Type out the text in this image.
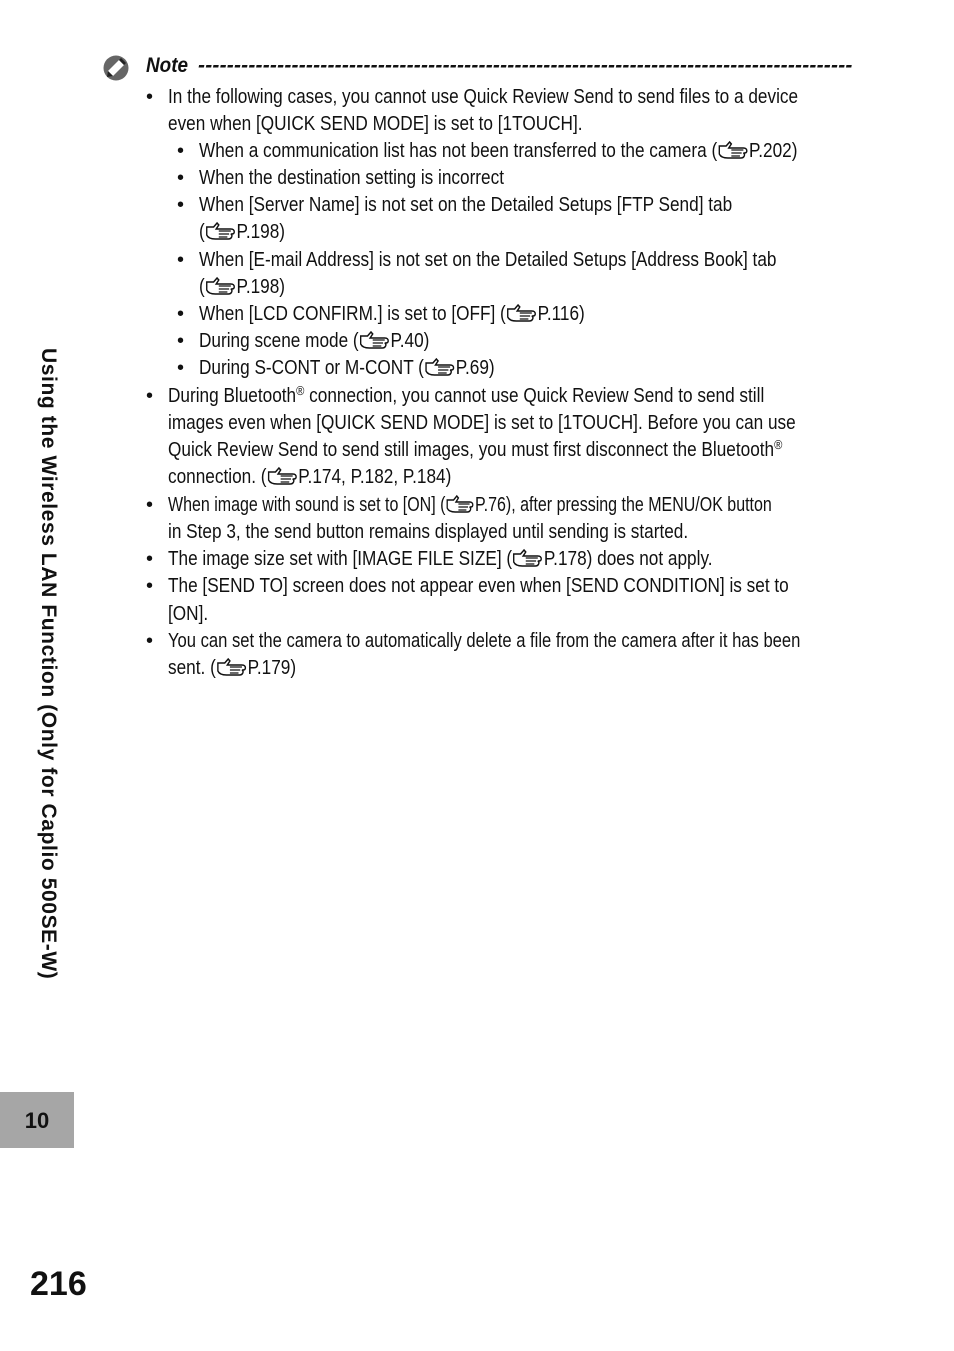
Note -------------------------------------------------------------------------------------------
• In the following cases, you cannot use Quick Review Send to send files to a device
even when [QUICK SEND MODE] is set to [1TOUCH].
• When a communication list has not been transferred to the camera ( P.202)
• When the destination setting is incorrect
• When [Server Name] is not set on the Detailed Setups [FTP Send] tab
( P.198)
• When [E-mail Address] is not set on the Detailed Setups [Address Book] tab
( P.198)
• When [LCD CONFIRM.] is set to [OFF] ( P.116)
• During scene mode ( P.40)
• During S-CONT or M-CONT ( P.69)
• During Bluetooth® connection, you cannot use Quick Review Send to send still
images even when [QUICK SEND MODE] is set to [1TOUCH]. Before you can use
Quick Review Send to send still images, you must first disconnect the Bluetooth®
connection. ( P.174, P.182, P.184)
• When image with sound is set to [ON] ( P.76), after pressing the MENU/OK button
in Step 3, the send button remains displayed until sending is started.
• The image size set with [IMAGE FILE SIZE] ( P.178) does not apply.
• The [SEND TO] screen does not appear even when [SEND CONDITION] is set to
[ON].
• You can set the camera to automatically delete a file from the camera after it has been
sent. ( P.179)
Using the Wireless LAN Function (Only for Caplio 500SE-W)
10
216
